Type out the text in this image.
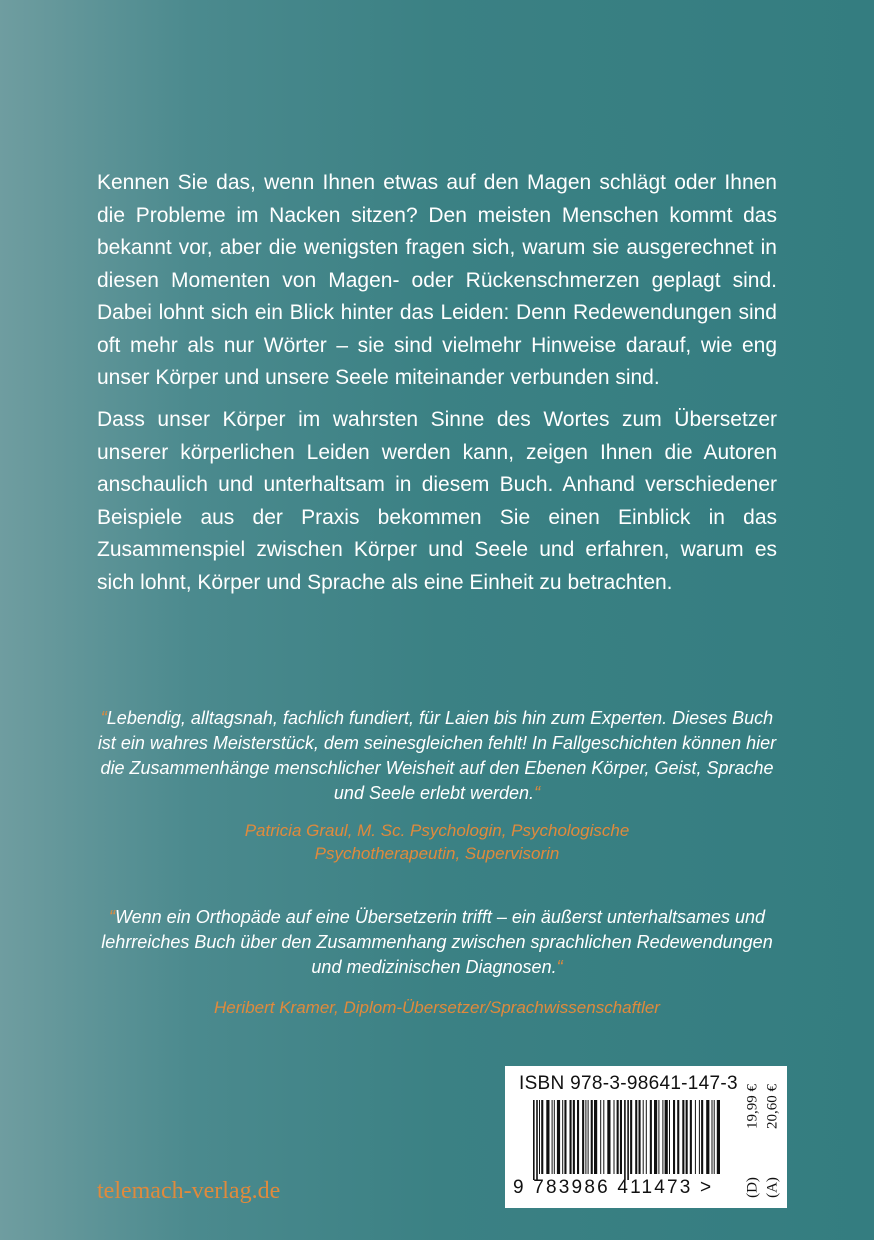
Kennen Sie das, wenn Ihnen etwas auf den Magen schlägt oder Ihnen die Probleme im Nacken sitzen? Den meisten Menschen kommt das bekannt vor, aber die wenigsten fragen sich, warum sie ausgerechnet in diesen Momenten von Magen- oder Rückenschmerzen geplagt sind. Dabei lohnt sich ein Blick hinter das Leiden: Denn Redewendungen sind oft mehr als nur Wörter – sie sind vielmehr Hinweise darauf, wie eng unser Körper und unsere Seele miteinander verbunden sind.

Dass unser Körper im wahrsten Sinne des Wortes zum Übersetzer unserer körperlichen Leiden werden kann, zeigen Ihnen die Autoren anschaulich und unterhaltsam in diesem Buch. Anhand verschiedener Beispiele aus der Praxis bekommen Sie einen Einblick in das Zusammenspiel zwischen Körper und Seele und erfahren, warum es sich lohnt, Körper und Sprache als eine Einheit zu betrachten.

“Lebendig, alltagsnah, fachlich fundiert, für Laien bis hin zum Experten. Dieses Buch ist ein wahres Meisterstück, dem seinesgleichen fehlt! In Fallgeschichten können hier die Zusammenhänge menschlicher Weisheit auf den Ebenen Körper, Geist, Sprache und Seele erlebt werden.“

Patricia Graul, M. Sc. Psychologin, Psychologische Psychotherapeutin, Supervisorin

“Wenn ein Orthopäde auf eine Übersetzerin trifft – ein äußerst unterhaltsames und lehrreiches Buch über den Zusammenhang zwischen sprachlichen Redewendungen und medizinischen Diagnosen.“

Heribert Kramer, Diplom-Übersetzer/Sprachwissenschaftler

telemach-verlag.de
ISBN 978-3-98641-147-3
9 783986 411473 >
19,99 €
(D)
20,60 €
(A)
